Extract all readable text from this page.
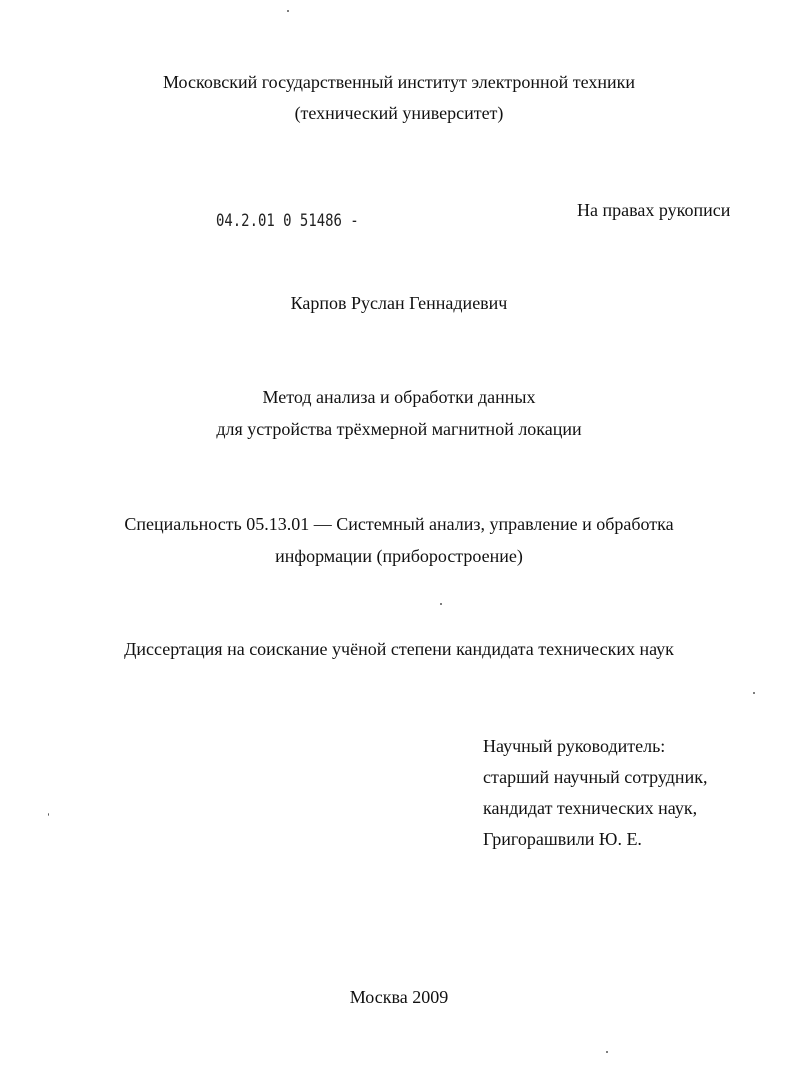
Московский государственный институт электронной техники
(технический университет)
04.2.01 0 51486 -
На правах рукописи
Карпов Руслан Геннадиевич
Метод анализа и обработки данных
для устройства трёхмерной магнитной локации
Специальность 05.13.01 — Системный анализ, управление и обработка
информации (приборостроение)
Диссертация на соискание учёной степени кандидата технических наук
Научный руководитель:
старший научный сотрудник,
кандидат технических наук,
Григорашвили Ю. Е.
Москва 2009
